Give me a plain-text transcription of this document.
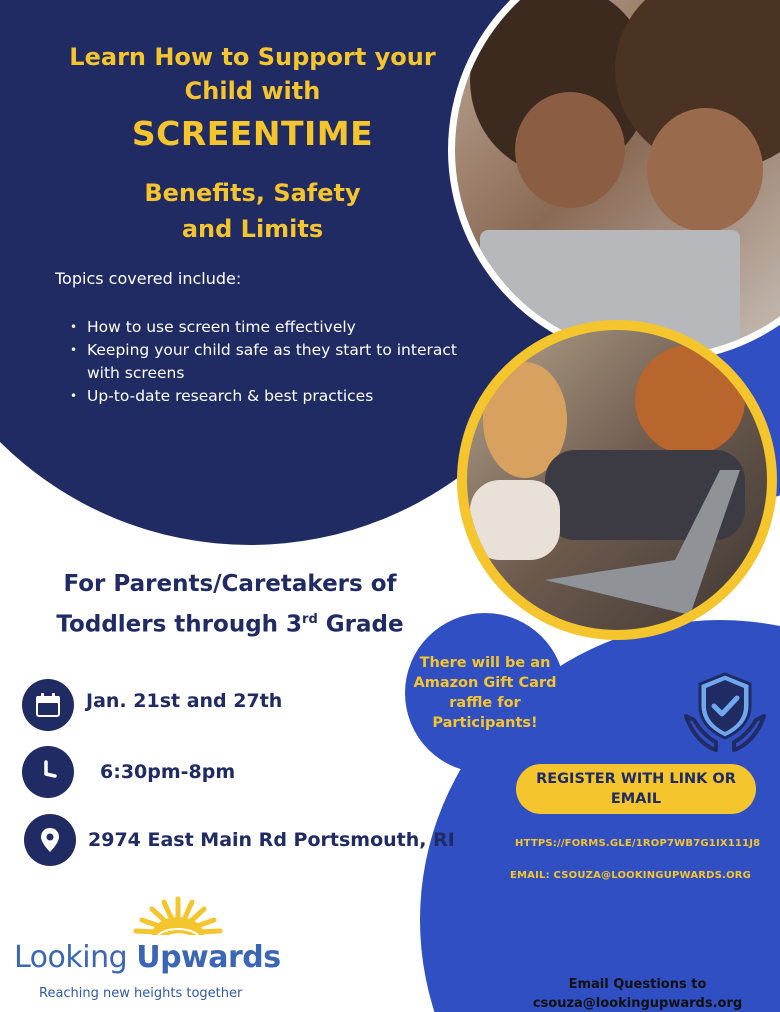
Learn How to Support your
Child with
SCREENTIME
Benefits, Safety
and Limits
Topics covered include:
• How to use screen time effectively
• Keeping your child safe as they start to interact with screens
• Up-to-date research & best practices
For Parents/Caretakers of
Toddlers through 3rd Grade
Jan. 21st and 27th
6:30pm-8pm
2974 East Main Rd Portsmouth, RI
There will be an Amazon Gift Card raffle for Participants!
REGISTER WITH LINK OR EMAIL
HTTPS://FORMS.GLE/1ROP7WB7G1IX111J8
EMAIL: CSOUZA@LOOKINGUPWARDS.ORG
Email Questions to
csouza@lookingupwards.org
Looking Upwards
Reaching new heights together
